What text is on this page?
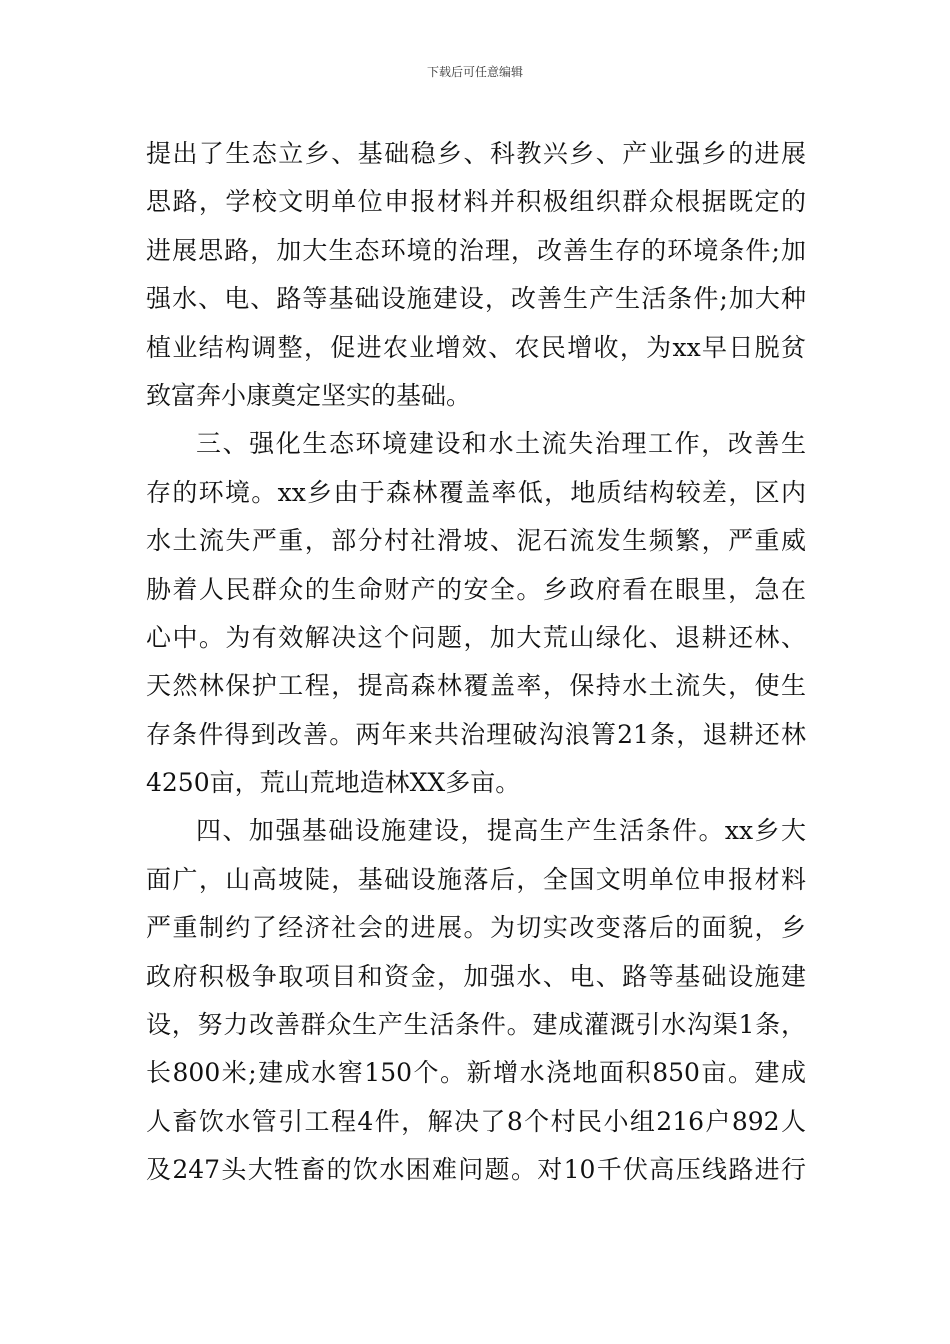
下载后可任意编辑
提出了生态立乡、基础稳乡、科教兴乡、产业强乡的进展
思路，学校文明单位申报材料并积极组织群众根据既定的
进展思路，加大生态环境的治理，改善生存的环境条件;加
强水、电、路等基础设施建设，改善生产生活条件;加大种
植业结构调整，促进农业增效、农民增收，为xx早日脱贫
致富奔小康奠定坚实的基础。
三、强化生态环境建设和水土流失治理工作，改善生
存的环境。xx乡由于森林覆盖率低，地质结构较差，区内
水土流失严重，部分村社滑坡、泥石流发生频繁，严重威
胁着人民群众的生命财产的安全。乡政府看在眼里，急在
心中。为有效解决这个问题，加大荒山绿化、退耕还林、
天然林保护工程，提高森林覆盖率，保持水土流失，使生
存条件得到改善。两年来共治理破沟浪箐21条，退耕还林
4250亩，荒山荒地造林XX多亩。
四、加强基础设施建设，提高生产生活条件。xx乡大
面广，山高坡陡，基础设施落后，全国文明单位申报材料
严重制约了经济社会的进展。为切实改变落后的面貌，乡
政府积极争取项目和资金，加强水、电、路等基础设施建
设，努力改善群众生产生活条件。建成灌溉引水沟渠1条，
长800米;建成水窖150个。新增水浇地面积850亩。建成
人畜饮水管引工程4件，解决了8个村民小组216户892人
及247头大牲畜的饮水困难问题。对10千伏高压线路进行
